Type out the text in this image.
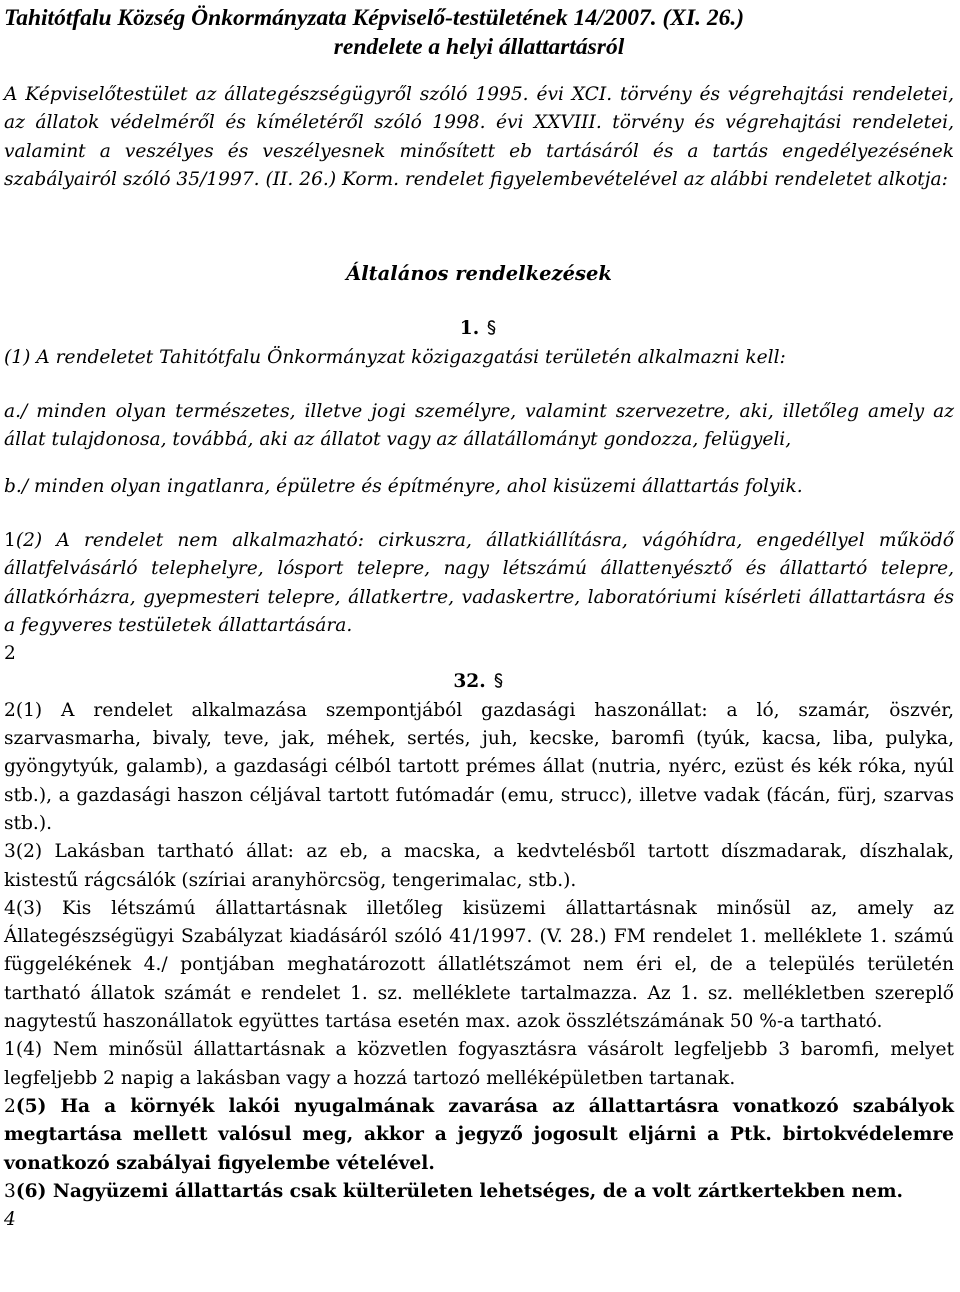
Tahitótfalu Község Önkormányzata Képviselő-testületének 14/2007. (XI. 26.)
rendelete a helyi állattartásról

A Képviselőtestület az állategészségügyről szóló 1995. évi XCI. törvény és végrehajtási rendeletei, az állatok védelméről és kíméletéről szóló 1998. évi XXVIII. törvény és végrehajtási rendeletei, valamint a veszélyes és veszélyesnek minősített eb tartásáról és a tartás engedélyezésének szabályairól szóló 35/1997. (II. 26.) Korm. rendelet figyelembevételével az alábbi rendeletet alkotja:

Általános rendelkezések
1.

(1) A rendeletet Tahitótfalu Önkormányzat közigazgatási területén alkalmazni kell:

a./ minden olyan természetes, illetve jogi személyre, valamint szervezetre, aki, illetőleg amely az állat tulajdonosa, továbbá, aki az állatot vagy az állatállományt gondozza, felügyeli,

b./ minden olyan ingatlanra, épületre és építményre, ahol kisüzemi állattartás folyik.

1(2) A rendelet nem alkalmazható: cirkuszra, állatkiállításra, vágóhídra, engedéllyel működő állatfelvásárló telephelyre, lósport telepre, nagy létszámú állattenyésztő és állattartó telepre, állatkórházra, gyepmesteri telepre, állatkertre, vadaskertre, laboratóriumi kísérleti állattartásra és a fegyveres testületek állattartására.

2

32.

2(1) A rendelet alkalmazása szempontjából gazdasági haszonállat: a ló, szamár, öszvér, szarvasmarha, bivaly, teve, jak, méhek, sertés, juh, kecske, baromfi (tyúk, kacsa, liba, pulyka, gyöngytyúk, galamb), a gazdasági célból tartott prémes állat (nutria, nyérc, ezüst és kék róka, nyúl stb.), a gazdasági haszon céljával tartott futómadár (emu, strucc), illetve vadak (fácán, fürj, szarvas stb.).

3(2) Lakásban tartható állat: az eb, a macska, a kedvtelésből tartott díszmadarak, díszhalak, kistestű rágcsálók (szíriai aranyhörcsög, tengerimalac, stb.).

4(3) Kis létszámú állattartásnak illetőleg kisüzemi állattartásnak minősül az, amely az Állategészségügyi Szabályzat kiadásáról szóló 41/1997. (V. 28.) FM rendelet 1. melléklete 1. számú függelékének 4./ pontjában meghatározott állatlétszámot nem éri el, de a település területén tartható állatok számát e rendelet 1. sz. melléklete tartalmazza. Az 1. sz. mellékletben szereplő nagytestű haszonállatok együttes tartása esetén max. azok összlétszámának 50 %-a tartható.

1(4) Nem minősül állattartásnak a közvetlen fogyasztásra vásárolt legfeljebb 3 baromfi, melyet legfeljebb 2 napig a lakásban vagy a hozzá tartozó melléképületben tartanak.

2(5) Ha a környék lakói nyugalmának zavarása az állattartásra vonatkozó szabályok megtartása mellett valósul meg, akkor a jegyző jogosult eljárni a Ptk. birtokvédelemre vonatkozó szabályai figyelembe vételével.

3(6) Nagyüzemi állattartás csak külterületen lehetséges, de a volt zártkertekben nem.

4
